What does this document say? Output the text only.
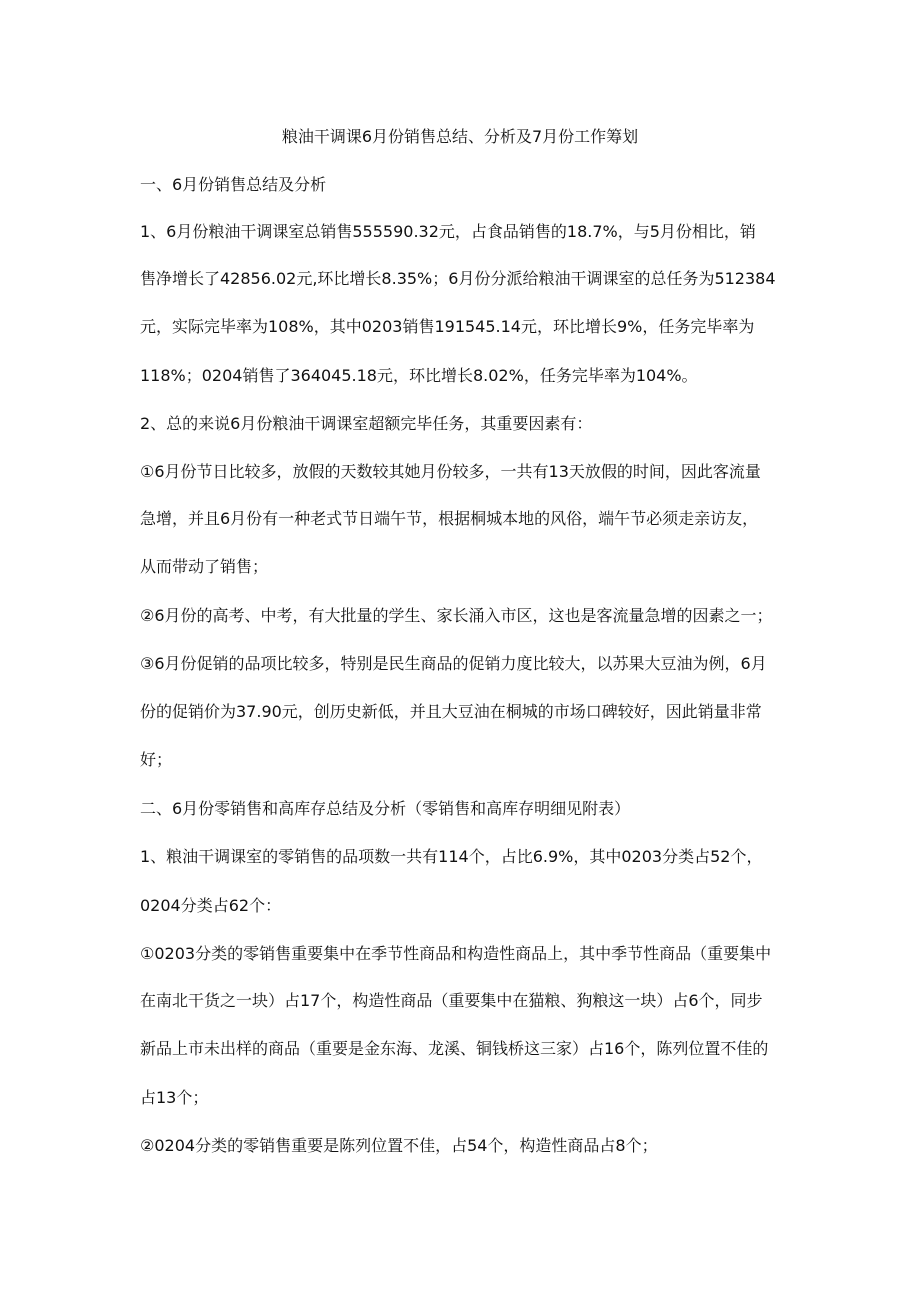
粮油干调课6月份销售总结、分析及7月份工作筹划
一、6月份销售总结及分析
1、6月份粮油干调课室总销售555590.32元，占食品销售的18.7%，与5月份相比，销
售净增长了42856.02元,环比增长8.35%；6月份分派给粮油干调课室的总任务为512384
元，实际完毕率为108%，其中0203销售191545.14元，环比增长9%，任务完毕率为
118%；0204销售了364045.18元，环比增长8.02%，任务完毕率为104%。
2、总的来说6月份粮油干调课室超额完毕任务，其重要因素有：
①6月份节日比较多，放假的天数较其她月份较多，一共有13天放假的时间，因此客流量
急增，并且6月份有一种老式节日端午节，根据桐城本地的风俗，端午节必须走亲访友，
从而带动了销售；
②6月份的高考、中考，有大批量的学生、家长涌入市区，这也是客流量急增的因素之一；
③6月份促销的品项比较多，特别是民生商品的促销力度比较大，以苏果大豆油为例，6月
份的促销价为37.90元，创历史新低，并且大豆油在桐城的市场口碑较好，因此销量非常
好；
二、6月份零销售和高库存总结及分析（零销售和高库存明细见附表）
1、粮油干调课室的零销售的品项数一共有114个，占比6.9%，其中0203分类占52个，
0204分类占62个：
①0203分类的零销售重要集中在季节性商品和构造性商品上，其中季节性商品（重要集中
在南北干货之一块）占17个，构造性商品（重要集中在猫粮、狗粮这一块）占6个，同步
新品上市未出样的商品（重要是金东海、龙溪、铜钱桥这三家）占16个，陈列位置不佳的
占13个；
②0204分类的零销售重要是陈列位置不佳，占54个，构造性商品占8个；
